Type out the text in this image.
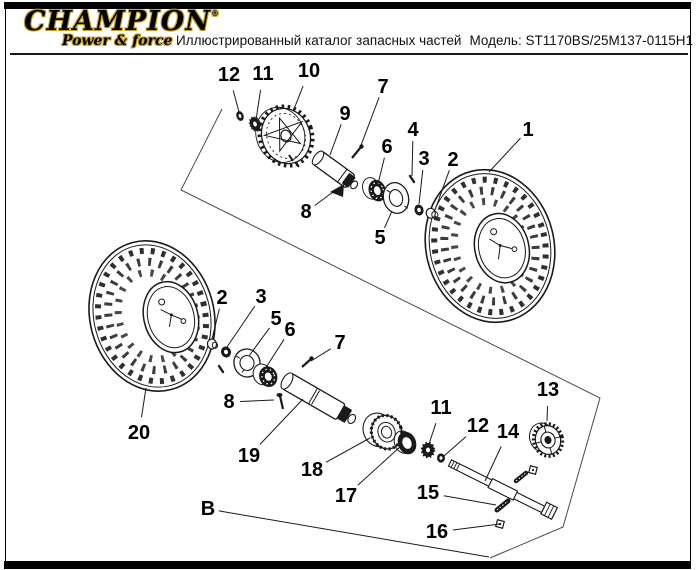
CHAMPION®
Power & force Иллюстрированный каталог запасных частей Модель: ST1170BS/25M137-0115H1
12 11 10
7
9
4
6
3 2
1
8
5
2 3
5 6
7
8
20
19
18
17
11
12 14
13
15
16
B
